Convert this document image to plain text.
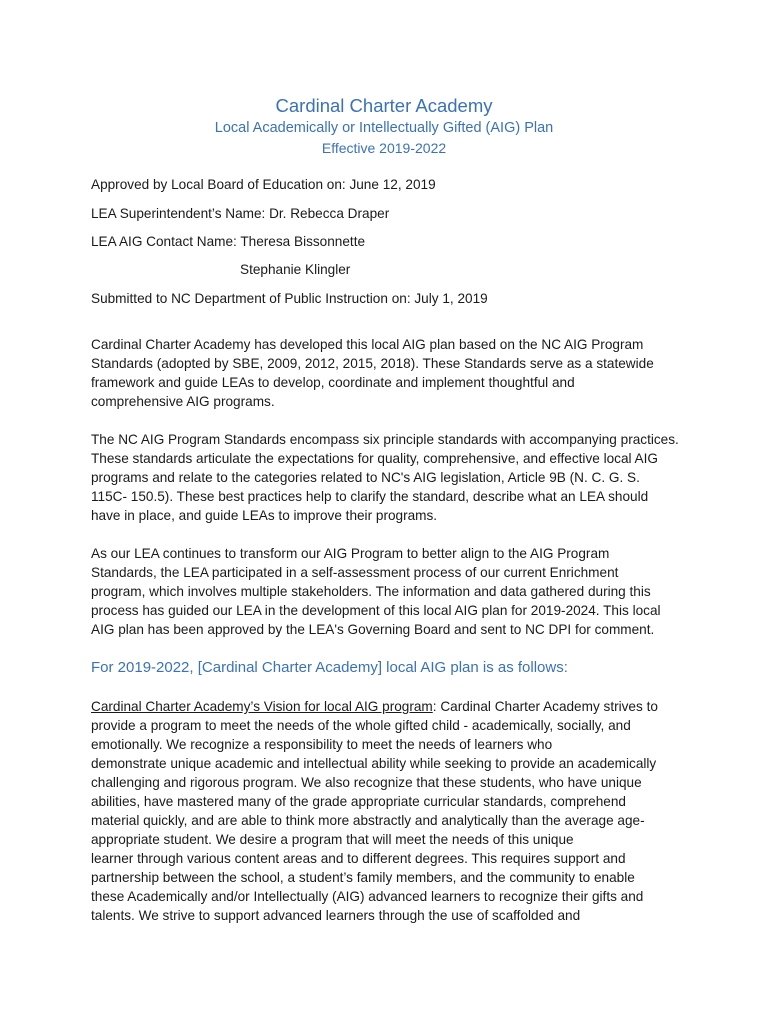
Cardinal Charter Academy
Local Academically or Intellectually Gifted (AIG) Plan
Effective 2019-2022
Approved by Local Board of Education on: June 12, 2019
LEA Superintendent’s Name: Dr. Rebecca Draper
LEA AIG Contact Name: Theresa Bissonnette
Stephanie Klingler
Submitted to NC Department of Public Instruction on: July 1, 2019
Cardinal Charter Academy has developed this local AIG plan based on the NC AIG Program
Standards (adopted by SBE, 2009, 2012, 2015, 2018). These Standards serve as a statewide
framework and guide LEAs to develop, coordinate and implement thoughtful and
comprehensive AIG programs.
The NC AIG Program Standards encompass six principle standards with accompanying practices.
These standards articulate the expectations for quality, comprehensive, and effective local AIG
programs and relate to the categories related to NC's AIG legislation, Article 9B (N. C. G. S.
115C- 150.5). These best practices help to clarify the standard, describe what an LEA should
have in place, and guide LEAs to improve their programs.
As our LEA continues to transform our AIG Program to better align to the AIG Program
Standards, the LEA participated in a self-assessment process of our current Enrichment
program, which involves multiple stakeholders. The information and data gathered during this
process has guided our LEA in the development of this local AIG plan for 2019-2024. This local
AIG plan has been approved by the LEA's Governing Board and sent to NC DPI for comment.
For 2019-2022, [Cardinal Charter Academy] local AIG plan is as follows:
Cardinal Charter Academy’s Vision for local AIG program: Cardinal Charter Academy strives to
provide a program to meet the needs of the whole gifted child - academically, socially, and
emotionally. We recognize a responsibility to meet the needs of learners who
demonstrate unique academic and intellectual ability while seeking to provide an academically
challenging and rigorous program. We also recognize that these students, who have unique
abilities, have mastered many of the grade appropriate curricular standards, comprehend
material quickly, and are able to think more abstractly and analytically than the average age-
appropriate student. We desire a program that will meet the needs of this unique
learner through various content areas and to different degrees. This requires support and
partnership between the school, a student’s family members, and the community to enable
these Academically and/or Intellectually (AIG) advanced learners to recognize their gifts and
talents. We strive to support advanced learners through the use of scaffolded and
